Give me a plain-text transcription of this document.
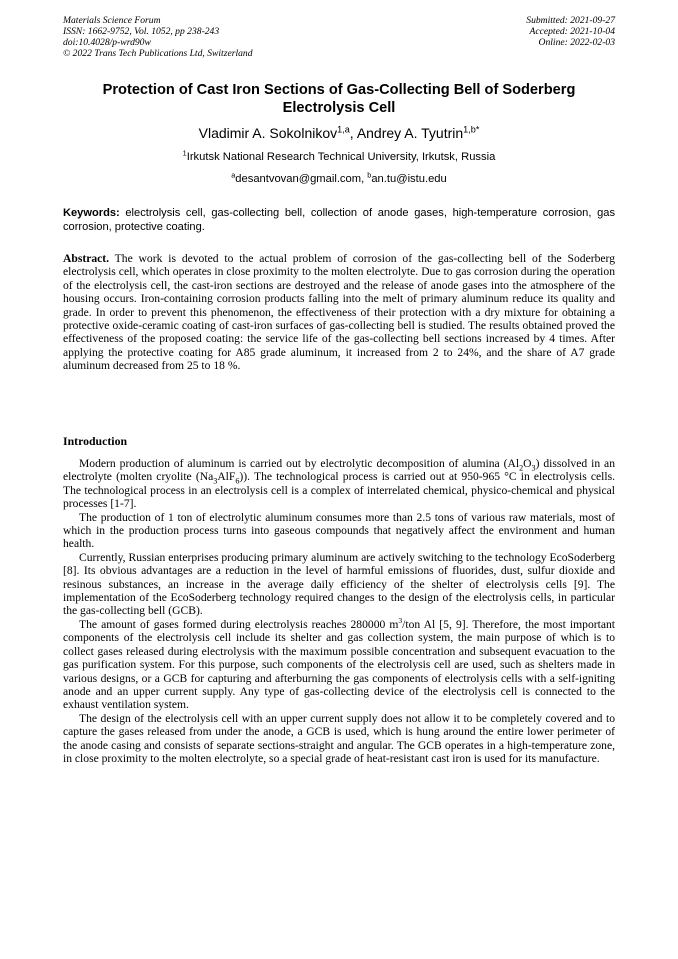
Materials Science Forum
ISSN: 1662-9752, Vol. 1052, pp 238-243
doi:10.4028/p-wrd90w
© 2022 Trans Tech Publications Ltd, Switzerland
Submitted: 2021-09-27
Accepted: 2021-10-04
Online: 2022-02-03
Protection of Cast Iron Sections of Gas-Collecting Bell of Soderberg Electrolysis Cell
Vladimir A. Sokolnikov$^{1,a}$, Andrey A. Tyutrin$^{1,b*}$
$^1$Irkutsk National Research Technical University, Irkutsk, Russia
$^a$desantvovan@gmail.com, $^b$an.tu@istu.edu
Keywords: electrolysis cell, gas-collecting bell, collection of anode gases, high-temperature corrosion, gas corrosion, protective coating.

Abstract. The work is devoted to the actual problem of corrosion of the gas-collecting bell of the Soderberg electrolysis cell, which operates in close proximity to the molten electrolyte. Due to gas corrosion during the operation of the electrolysis cell, the cast-iron sections are destroyed and the release of anode gases into the atmosphere of the housing occurs. Iron-containing corrosion products falling into the melt of primary aluminum reduce its quality and grade. In order to prevent this phenomenon, the effectiveness of their protection with a dry mixture for obtaining a protective oxide-ceramic coating of cast-iron surfaces of gas-collecting bell is studied. The results obtained proved the effectiveness of the proposed coating: the service life of the gas-collecting bell sections increased by 4 times. After applying the protective coating for A85 grade aluminum, it increased from 2 to 24%, and the share of A7 grade aluminum decreased from 25 to 18 %.

Introduction

Modern production of aluminum is carried out by electrolytic decomposition of alumina $(Al_2O_3)$ dissolved in an electrolyte (molten cryolite $(Na_3AlF_6)$). The technological process is carried out at 950-965 °C in electrolysis cells. The technological process in an electrolysis cell is a complex of interrelated chemical, physico-chemical and physical processes [1-7].

The production of 1 ton of electrolytic aluminum consumes more than 2.5 tons of various raw materials, most of which in the production process turns into gaseous compounds that negatively affect the environment and human health.

Currently, Russian enterprises producing primary aluminum are actively switching to the technology EcoSoderberg [8]. Its obvious advantages are a reduction in the level of harmful emissions of fluorides, dust, sulfur dioxide and resinous substances, an increase in the average daily efficiency of the shelter of electrolysis cells [9]. The implementation of the EcoSoderberg technology required changes to the design of the electrolysis cells, in particular the gas-collecting bell (GCB).

The amount of gases formed during electrolysis reaches 280000 $m^3$/ton Al [5, 9]. Therefore, the most important components of the electrolysis cell include its shelter and gas collection system, the main purpose of which is to collect gases released during electrolysis with the maximum possible concentration and subsequent evacuation to the gas purification system. For this purpose, such components of the electrolysis cell are used, such as shelters made in various designs, or a GCB for capturing and afterburning the gas components of electrolysis cells with a self-igniting anode and an upper current supply. Any type of gas-collecting device of the electrolysis cell is connected to the exhaust ventilation system.

The design of the electrolysis cell with an upper current supply does not allow it to be completely covered and to capture the gases released from under the anode, a GCB is used, which is hung around the entire lower perimeter of the anode casing and consists of separate sections-straight and angular. The GCB operates in a high-temperature zone, in close proximity to the molten electrolyte, so a special grade of heat-resistant cast iron is used for its manufacture.
